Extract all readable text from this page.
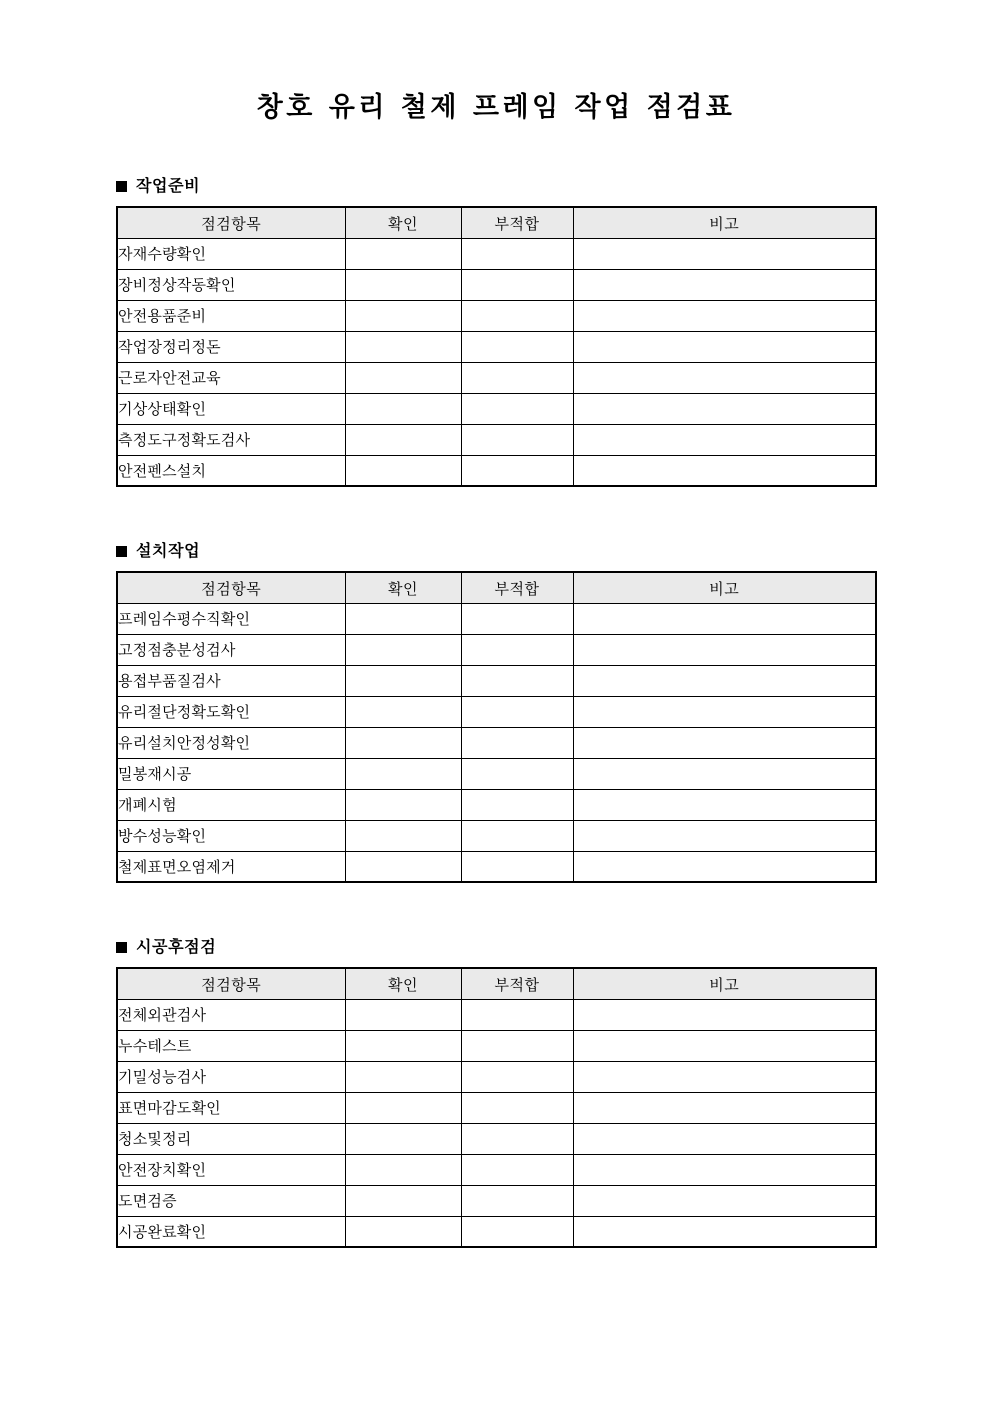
창호 유리 철제 프레임 작업 점검표
작업준비
점검항목	확인	부적합	비고
자재수량확인			
장비정상작동확인			
안전용품준비			
작업장정리정돈			
근로자안전교육			
기상상태확인			
측정도구정확도검사			
안전펜스설치			
설치작업
점검항목	확인	부적합	비고
프레임수평수직확인			
고정점충분성검사			
용접부품질검사			
유리절단정확도확인			
유리설치안정성확인			
밀봉재시공			
개폐시험			
방수성능확인			
철제표면오염제거			
시공후점검
점검항목	확인	부적합	비고
전체외관검사			
누수테스트			
기밀성능검사			
표면마감도확인			
청소및정리			
안전장치확인			
도면검증			
시공완료확인			
